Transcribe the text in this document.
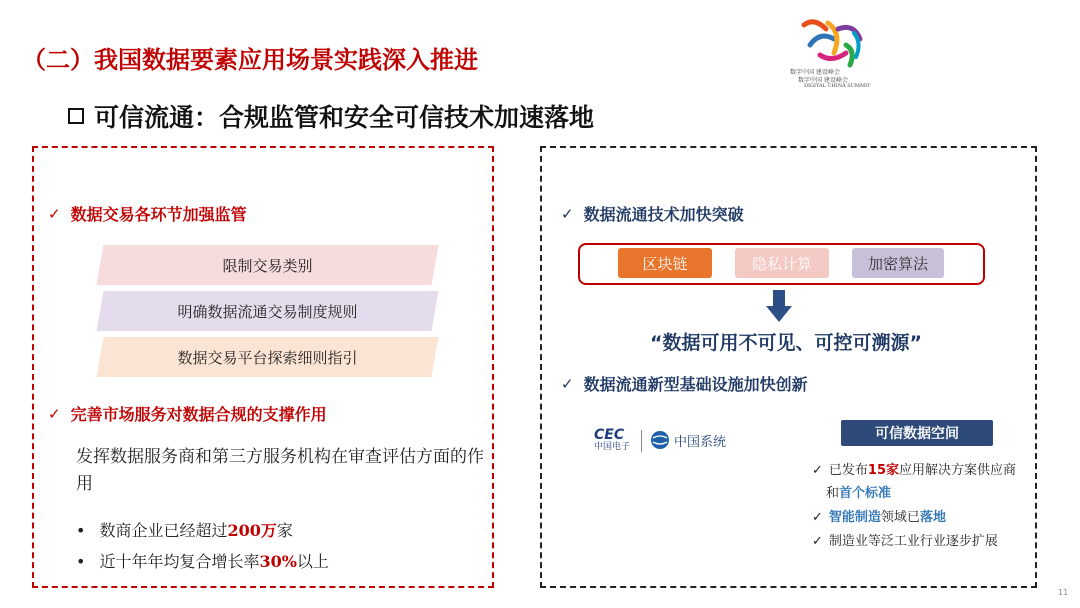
（二）我国数据要素应用场景实践深入推进
可信流通：合规监管和安全可信技术加速落地
数字中国 建设峰会
数字中国 建设峰会
DIGITAL CHINA SUMMIT
✓ 数据交易各环节加强监管
限制交易类别
明确数据流通交易制度规则
数据交易平台探索细则指引
✓ 完善市场服务对数据合规的支撑作用
发挥数据服务商和第三方服务机构在审查评估方面的作用
• 数商企业已经超过200万家
• 近十年年均复合增长率30%以上
✓ 数据流通技术加快突破
区块链	隐私计算	加密算法
“数据可用不可见、可控可溯源”
✓ 数据流通新型基础设施加快创新
CEC
中国电子	中国系统	可信数据空间
✓ 已发布15家应用解决方案供应商
和首个标准
✓ 智能制造领域已落地
✓ 制造业等泛工业行业逐步扩展
11
